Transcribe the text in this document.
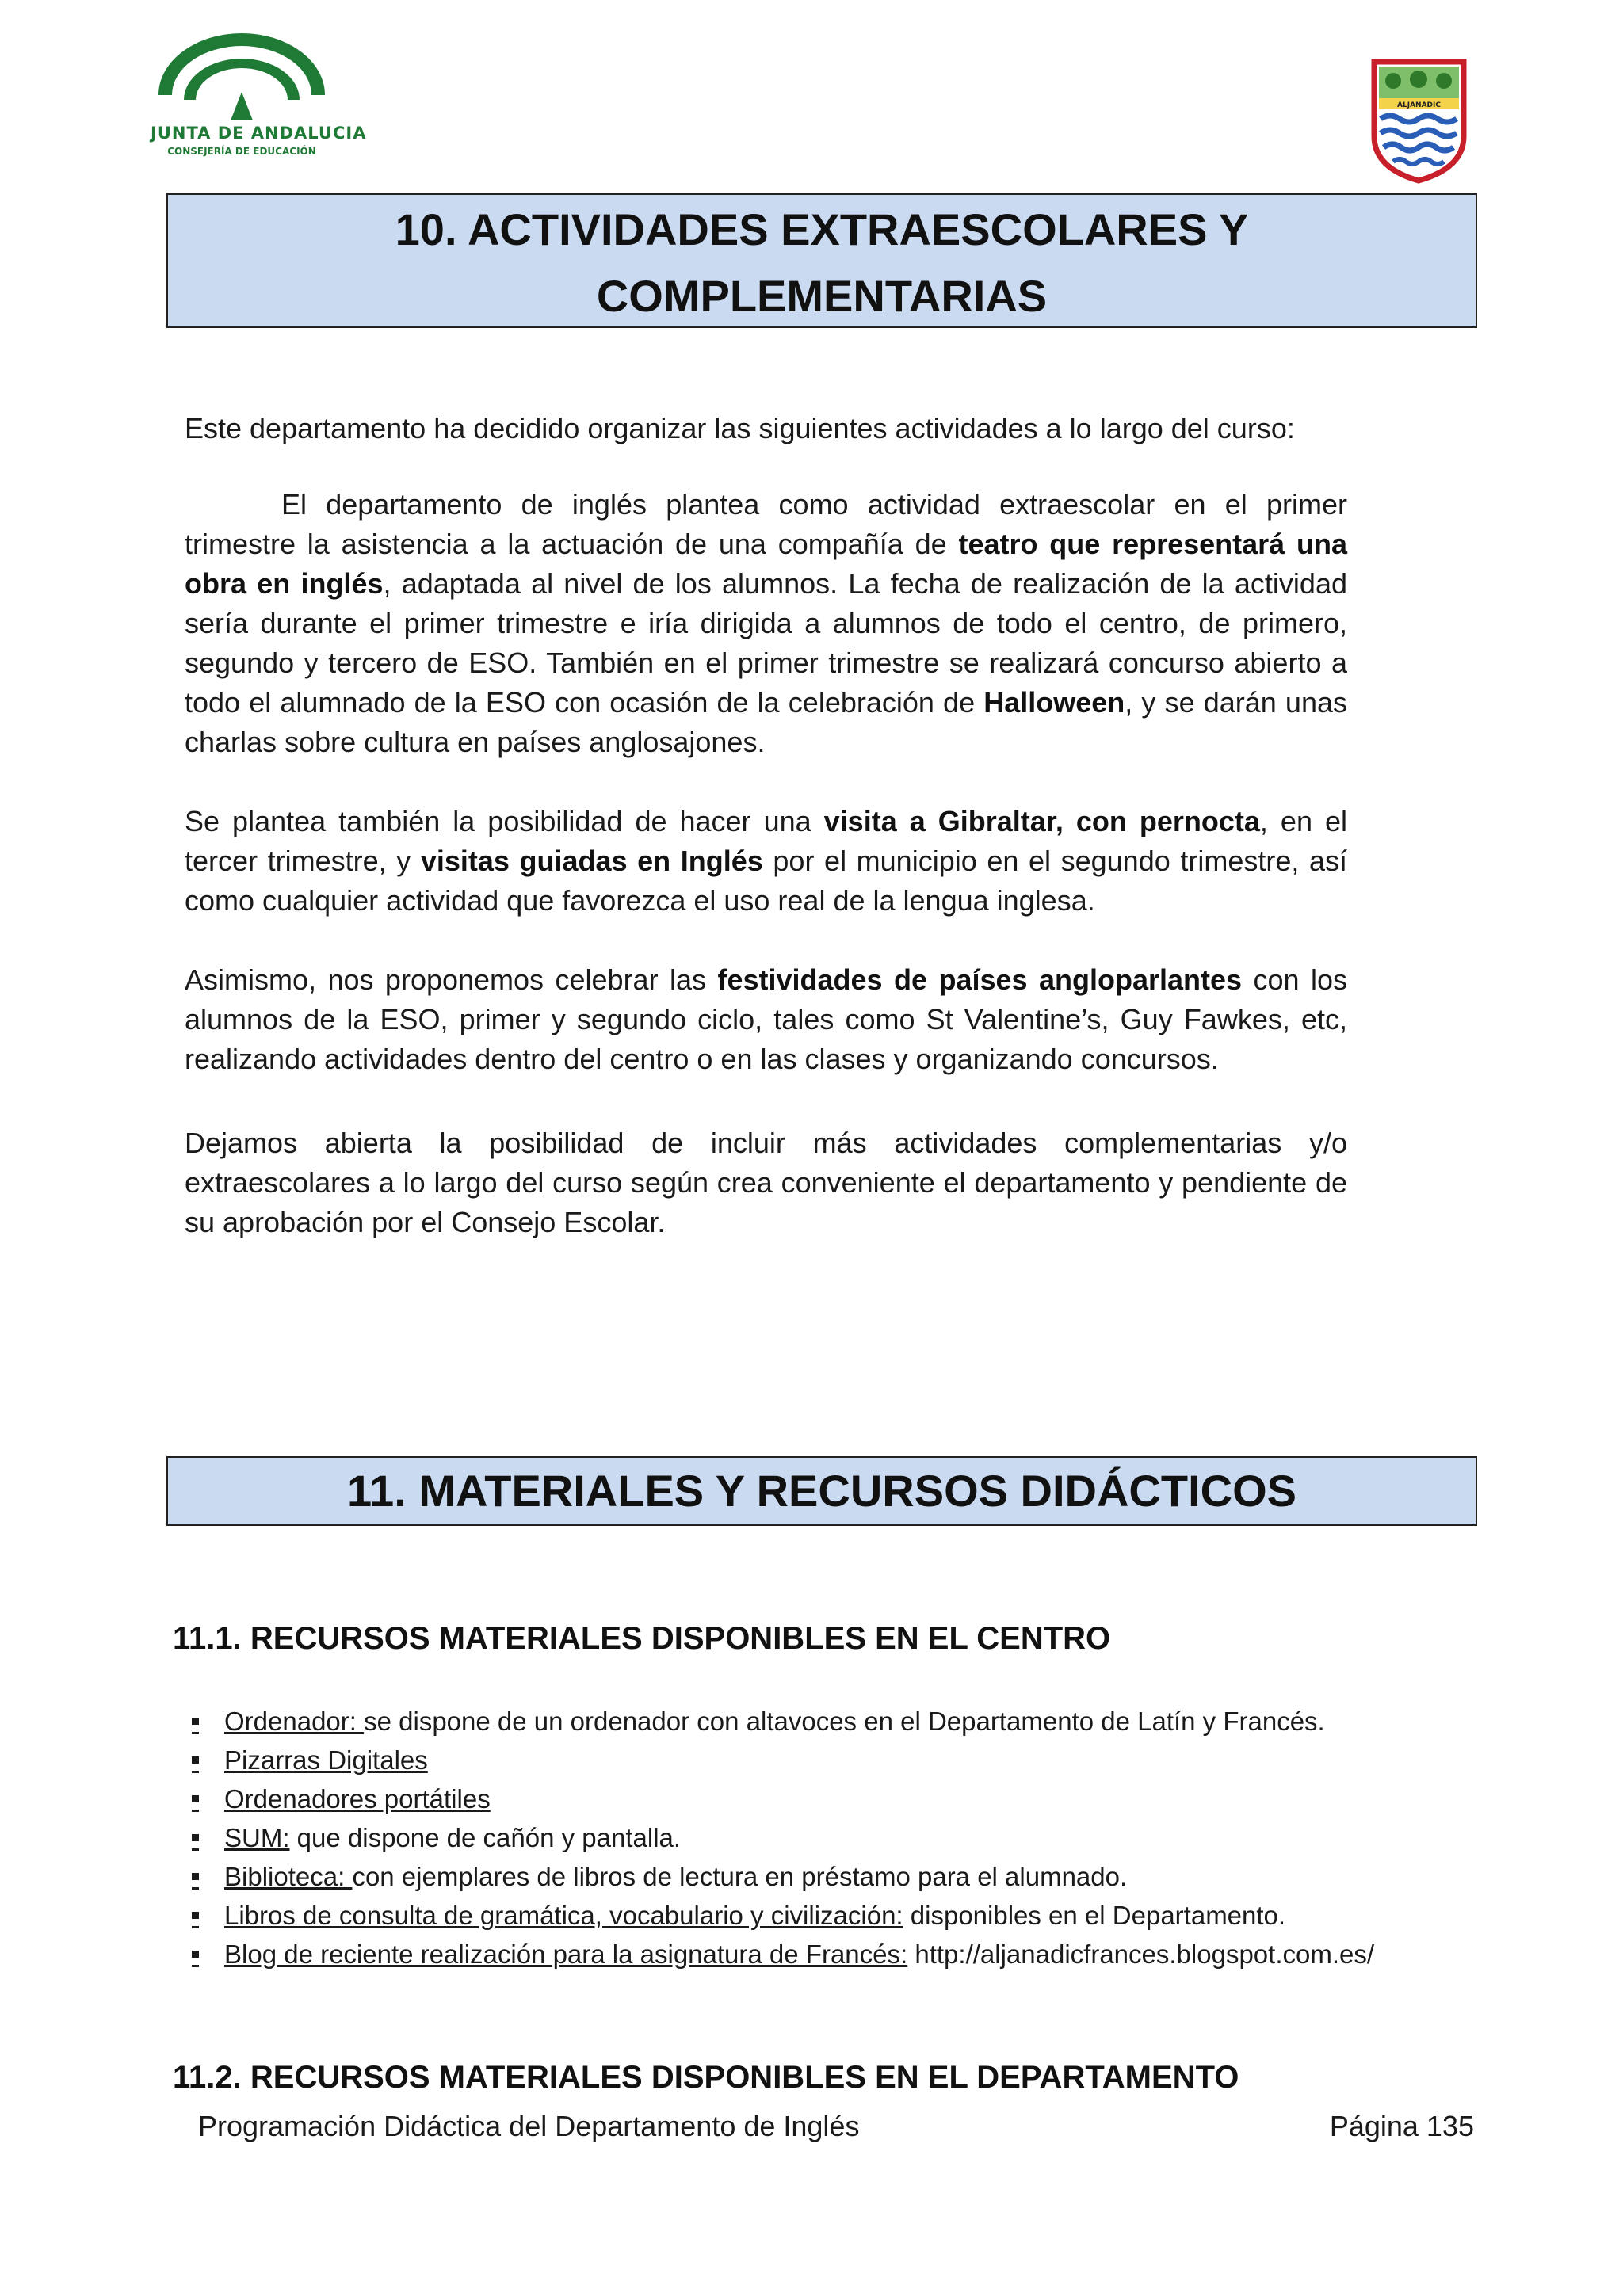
JUNTA DE ANDALUCIA
CONSEJERÍA DE EDUCACIÓN
ALJANADIC
10. ACTIVIDADES EXTRAESCOLARES Y
COMPLEMENTARIAS
Este departamento ha decidido organizar las siguientes actividades a lo largo del curso:
El departamento de inglés plantea como actividad extraescolar en el primer trimestre la asistencia a la actuación de una compañía de teatro que representará una obra en inglés, adaptada al nivel de los alumnos. La fecha de realización de la actividad sería durante el primer trimestre e iría dirigida a alumnos de todo el centro, de primero, segundo y tercero de ESO. También en el primer trimestre se realizará concurso abierto a todo el alumnado de la ESO con ocasión de la celebración de Halloween, y se darán unas charlas sobre cultura en países anglosajones.
Se plantea también la posibilidad de hacer una visita a Gibraltar, con pernocta, en el tercer trimestre, y visitas guiadas en Inglés por el municipio en el segundo trimestre, así como cualquier actividad que favorezca el uso real de la lengua inglesa.
Asimismo, nos proponemos celebrar las festividades de países angloparlantes con los alumnos de la ESO, primer y segundo ciclo, tales como St Valentine’s, Guy Fawkes, etc, realizando actividades dentro del centro o en las clases y organizando concursos.
Dejamos abierta la posibilidad de incluir más actividades complementarias y/o extraescolares a lo largo del curso según crea conveniente el departamento y pendiente de su aprobación por el Consejo Escolar.
11. MATERIALES Y RECURSOS DIDÁCTICOS
11.1. RECURSOS MATERIALES DISPONIBLES EN EL CENTRO
Ordenador: se dispone de un ordenador con altavoces en el Departamento de Latín y Francés.
Pizarras Digitales
Ordenadores portátiles
SUM: que dispone de cañón y pantalla.
Biblioteca: con ejemplares de libros de lectura en préstamo para el alumnado.
Libros de consulta de gramática, vocabulario y civilización: disponibles en el Departamento.
Blog de reciente realización para la asignatura de Francés: http://aljanadicfrances.blogspot.com.es/
11.2. RECURSOS MATERIALES DISPONIBLES EN EL DEPARTAMENTO
Programación Didáctica del Departamento de Inglés	Página 135
